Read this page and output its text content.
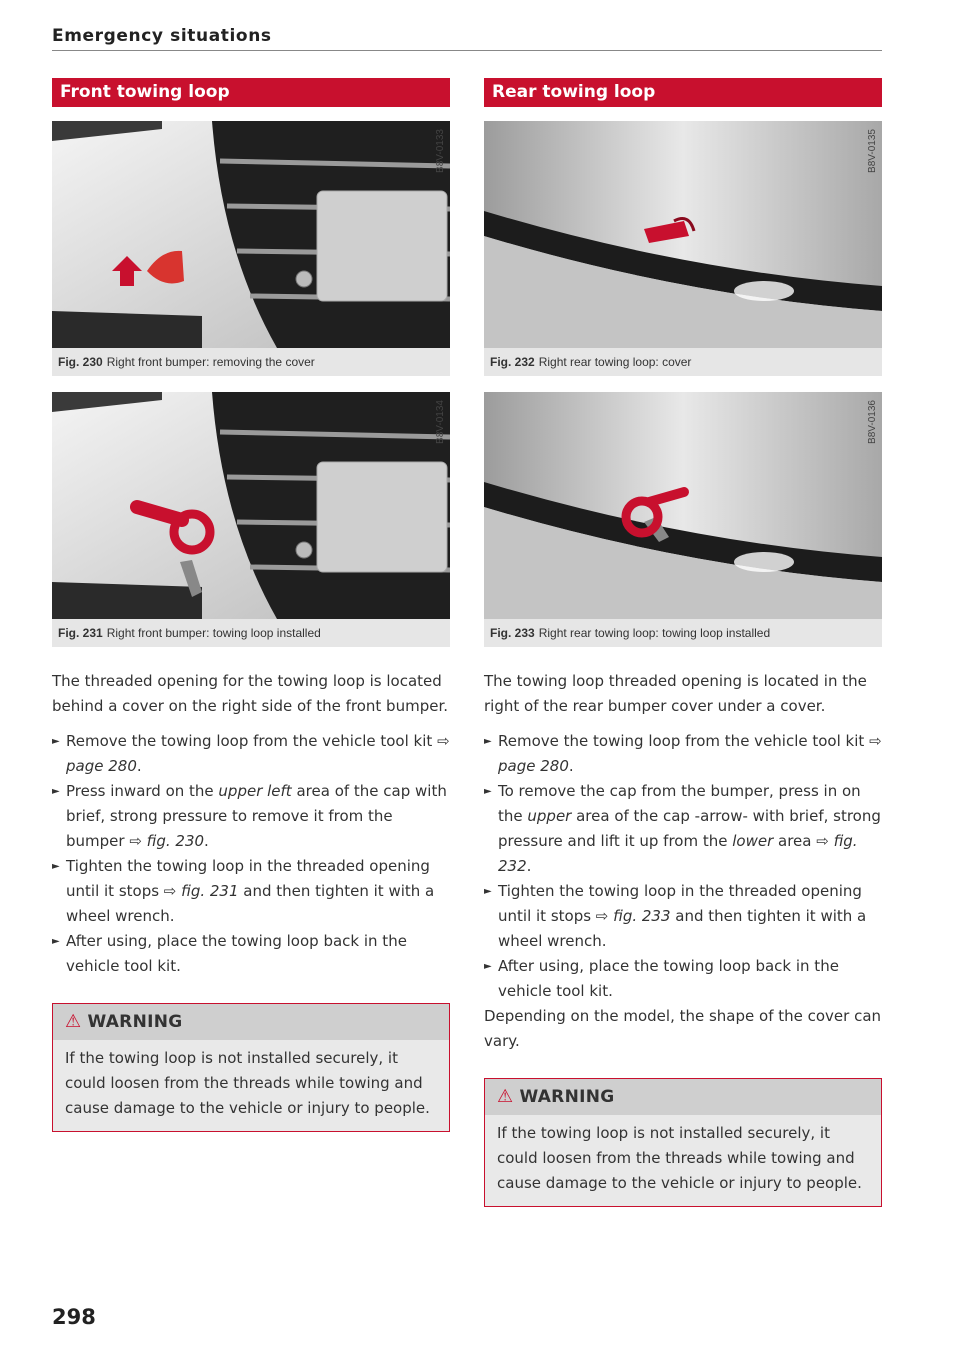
Emergency situations
Front towing loop
B8V-0133
Fig. 230 Right front bumper: removing the cover
B8V-0134
Fig. 231 Right front bumper: towing loop installed

The threaded opening for the towing loop is located behind a cover on the right side of the front bumper.

► Remove the towing loop from the vehicle tool kit ⇨ page 280.
► Press inward on the upper left area of the cap with brief, strong pressure to remove it from the bumper ⇨ fig. 230.
► Tighten the towing loop in the threaded opening until it stops ⇨ fig. 231 and then tighten it with a wheel wrench.
► After using, place the towing loop back in the vehicle tool kit.
⚠ WARNING
If the towing loop is not installed securely, it could loosen from the threads while towing and cause damage to the vehicle or injury to people.
Rear towing loop
B8V-0135
Fig. 232 Right rear towing loop: cover
B8V-0136
Fig. 233 Right rear towing loop: towing loop installed

The towing loop threaded opening is located in the right of the rear bumper cover under a cover.

► Remove the towing loop from the vehicle tool kit ⇨ page 280.
► To remove the cap from the bumper, press in on the upper area of the cap -arrow- with brief, strong pressure and lift it up from the lower area ⇨ fig. 232.
► Tighten the towing loop in the threaded opening until it stops ⇨ fig. 233 and then tighten it with a wheel wrench.
► After using, place the towing loop back in the vehicle tool kit.

Depending on the model, the shape of the cover can vary.

⚠ WARNING
If the towing loop is not installed securely, it could loosen from the threads while towing and cause damage to the vehicle or injury to people.
298
